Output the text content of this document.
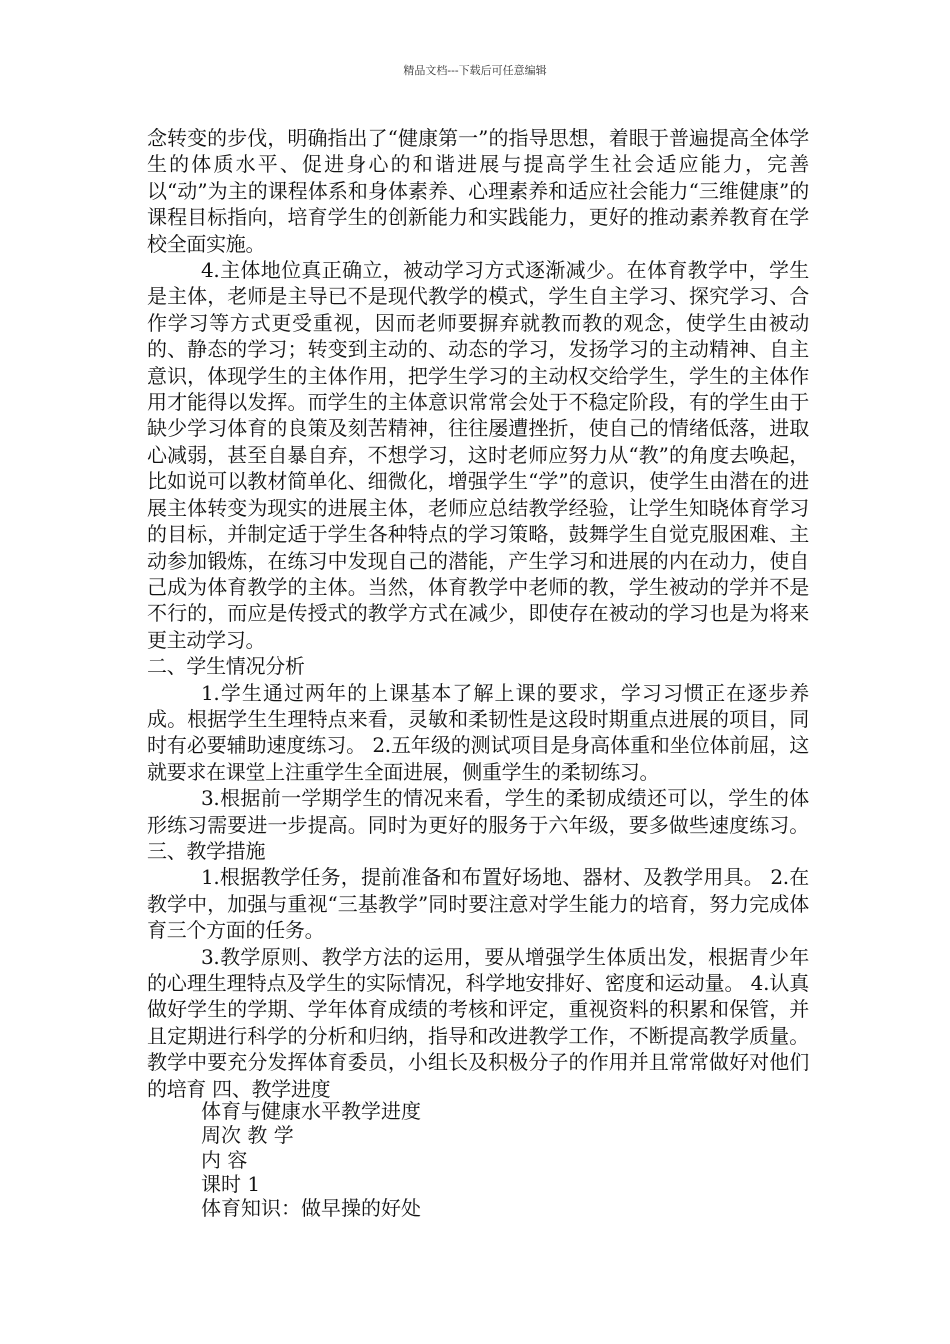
精品文档---下载后可任意编辑

念转变的步伐，明确指出了“健康第一”的指导思想，着眼于普遍提高全体学生的体质水平、促进身心的和谐进展与提高学生社会适应能力，完善以“动”为主的课程体系和身体素养、心理素养和适应社会能力“三维健康”的课程目标指向，培育学生的创新能力和实践能力，更好的推动素养教育在学校全面实施。

4.主体地位真正确立，被动学习方式逐渐减少。在体育教学中，学生是主体，老师是主导已不是现代教学的模式，学生自主学习、探究学习、合作学习等方式更受重视，因而老师要摒弃就教而教的观念，使学生由被动的、静态的学习；转变到主动的、动态的学习，发扬学习的主动精神、自主意识，体现学生的主体作用，把学生学习的主动权交给学生，学生的主体作用才能得以发挥。而学生的主体意识常常会处于不稳定阶段，有的学生由于缺少学习体育的良策及刻苦精神，往往屡遭挫折，使自己的情绪低落，进取心减弱，甚至自暴自弃，不想学习，这时老师应努力从“教”的角度去唤起，比如说可以教材简单化、细微化，增强学生“学”的意识，使学生由潜在的进展主体转变为现实的进展主体，老师应总结教学经验，让学生知晓体育学习的目标，并制定适于学生各种特点的学习策略，鼓舞学生自觉克服困难、主动参加锻炼，在练习中发现自己的潜能，产生学习和进展的内在动力，使自己成为体育教学的主体。当然，体育教学中老师的教，学生被动的学并不是不行的，而应是传授式的教学方式在减少，即使存在被动的学习也是为将来更主动学习。

二、学生情况分析

1.学生通过两年的上课基本了解上课的要求，学习习惯正在逐步养成。根据学生生理特点来看，灵敏和柔韧性是这段时期重点进展的项目，同时有必要辅助速度练习。 2.五年级的测试项目是身高体重和坐位体前屈，这就要求在课堂上注重学生全面进展，侧重学生的柔韧练习。

3.根据前一学期学生的情况来看，学生的柔韧成绩还可以，学生的体形练习需要进一步提高。同时为更好的服务于六年级，要多做些速度练习。 三、教学措施

1.根据教学任务，提前准备和布置好场地、器材、及教学用具。 2.在教学中，加强与重视“三基教学”同时要注意对学生能力的培育，努力完成体育三个方面的任务。

3.教学原则、教学方法的运用，要从增强学生体质出发，根据青少年的心理生理特点及学生的实际情况，科学地安排好、密度和运动量。 4.认真做好学生的学期、学年体育成绩的考核和评定，重视资料的积累和保管，并且定期进行科学的分析和归纳，指导和改进教学工作，不断提高教学质量。教学中要充分发挥体育委员，小组长及积极分子的作用并且常常做好对他们的培育 四、教学进度

体育与健康水平教学进度
周次 教 学
内 容
课时 1
体育知识：做早操的好处
